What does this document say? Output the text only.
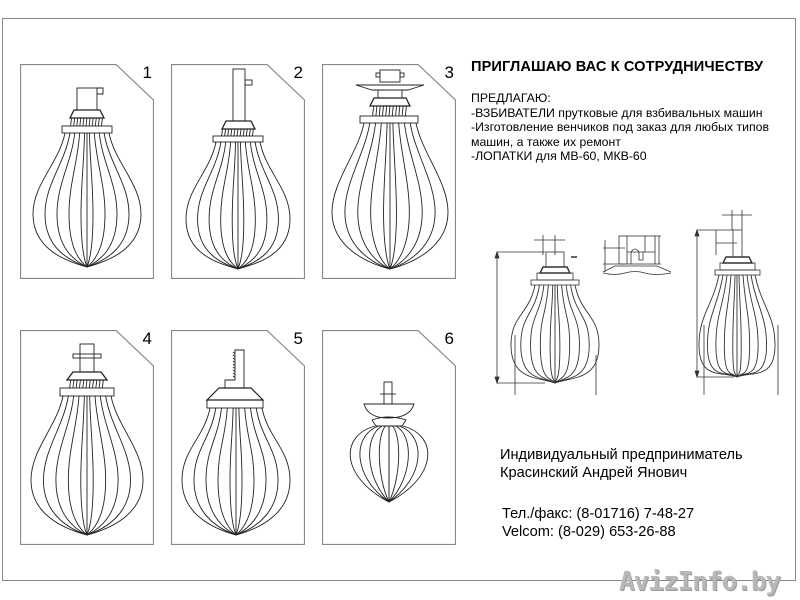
1	2	3
4	5	6
ПРИГЛАШАЮ ВАС К СОТРУДНИЧЕСТВУ
ПРЕДЛАГАЮ:
-ВЗБИВАТЕЛИ прутковые для взбивальных машин
-Изготовление венчиков под заказ для любых типов
машин, а также их ремонт
-ЛОПАТКИ для МВ-60, МКВ-60
Индивидуальный предприниматель
Красинский Андрей Янович
Тел./факс: (8-01716) 7-48-27
Velcom: (8-029) 653-26-88
AvizInfo.by
